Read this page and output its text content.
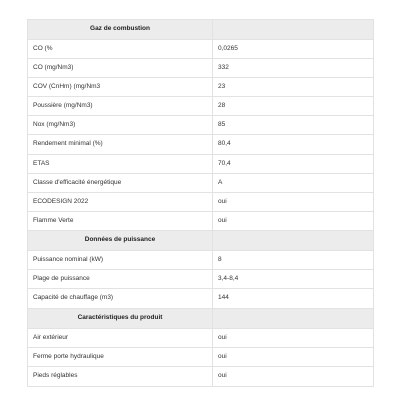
Gaz de combustion	
CO (%	0,0265
CO (mg/Nm3)	332
COV (CnHm) (mg/Nm3	23
Poussière (mg/Nm3)	28
Nox (mg/Nm3)	85
Rendement minimal (%)	80,4
ETAS	70,4
Classe d'efficacité énergétique	A
ECODESIGN 2022	oui
Flamme Verte	oui
Données de puissance	
Puissance nominal (kW)	8
Plage de puissance	3,4-8,4
Capacité de chauffage (m3)	144
Caractéristiques du produit	
Air extérieur	oui
Ferme porte hydraulique	oui
Pieds réglables	oui
